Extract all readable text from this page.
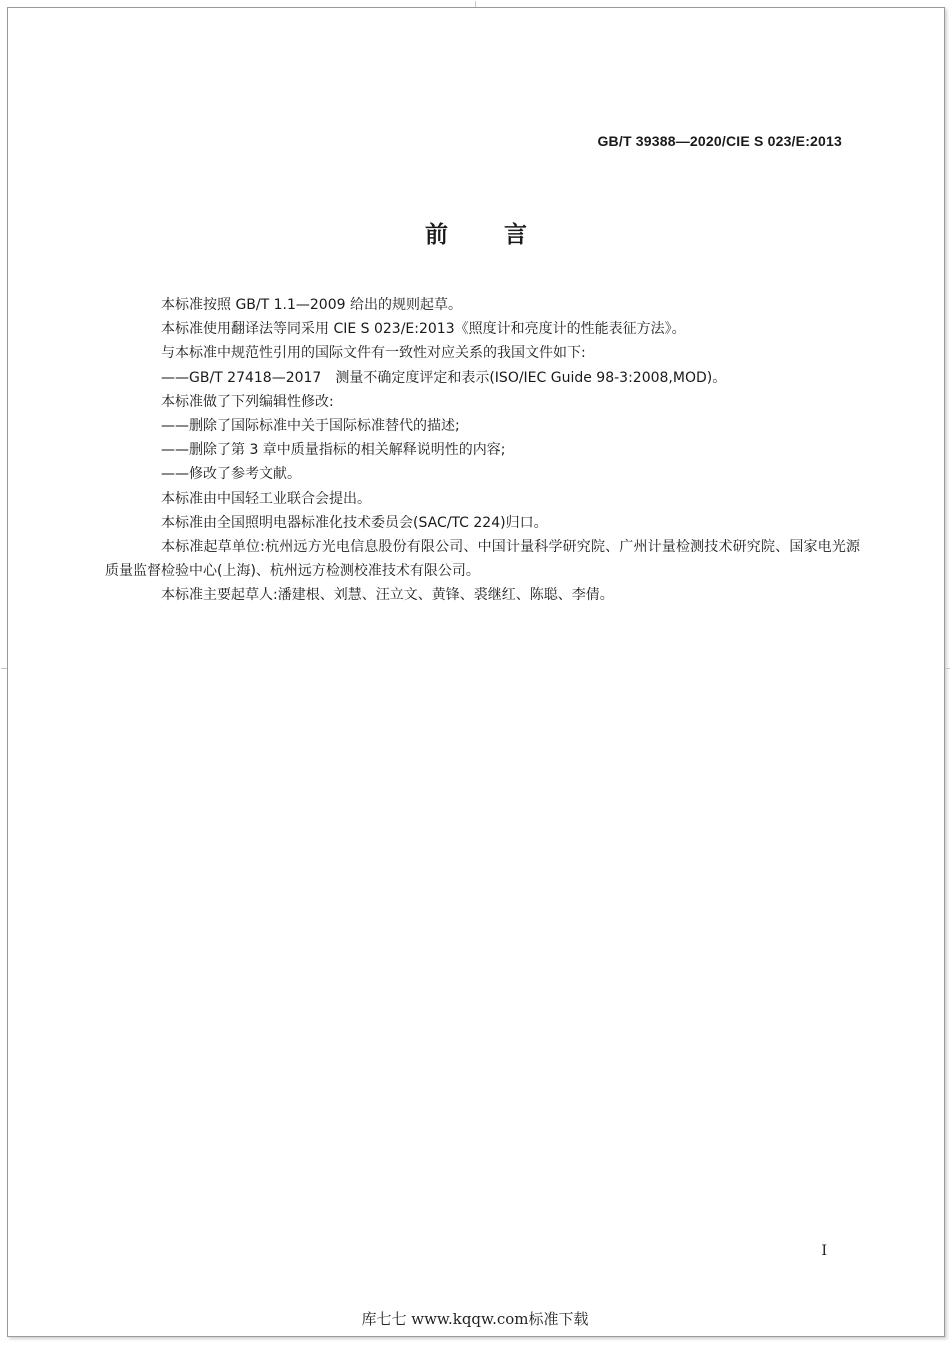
GB/T 39388—2020/CIE S 023/E:2013
前言

本标准按照 GB/T 1.1—2009 给出的规则起草。

本标准使用翻译法等同采用 CIE S 023/E:2013《照度计和亮度计的性能表征方法》。

与本标准中规范性引用的国际文件有一致性对应关系的我国文件如下:

——GB/T 27418—2017　测量不确定度评定和表示(ISO/IEC Guide 98-3:2008,MOD)。

本标准做了下列编辑性修改:

——删除了国际标准中关于国际标准替代的描述;

——删除了第 3 章中质量指标的相关解释说明性的内容;

——修改了参考文献。

本标准由中国轻工业联合会提出。

本标准由全国照明电器标准化技术委员会(SAC/TC 224)归口。

本标准起草单位:杭州远方光电信息股份有限公司、中国计量科学研究院、广州计量检测技术研究院、国家电光源质量监督检验中心(上海)、杭州远方检测校准技术有限公司。

本标准主要起草人:潘建根、刘慧、汪立文、黄锋、裘继红、陈聪、李倩。

I
库七七 www.kqqw.com标准下载
